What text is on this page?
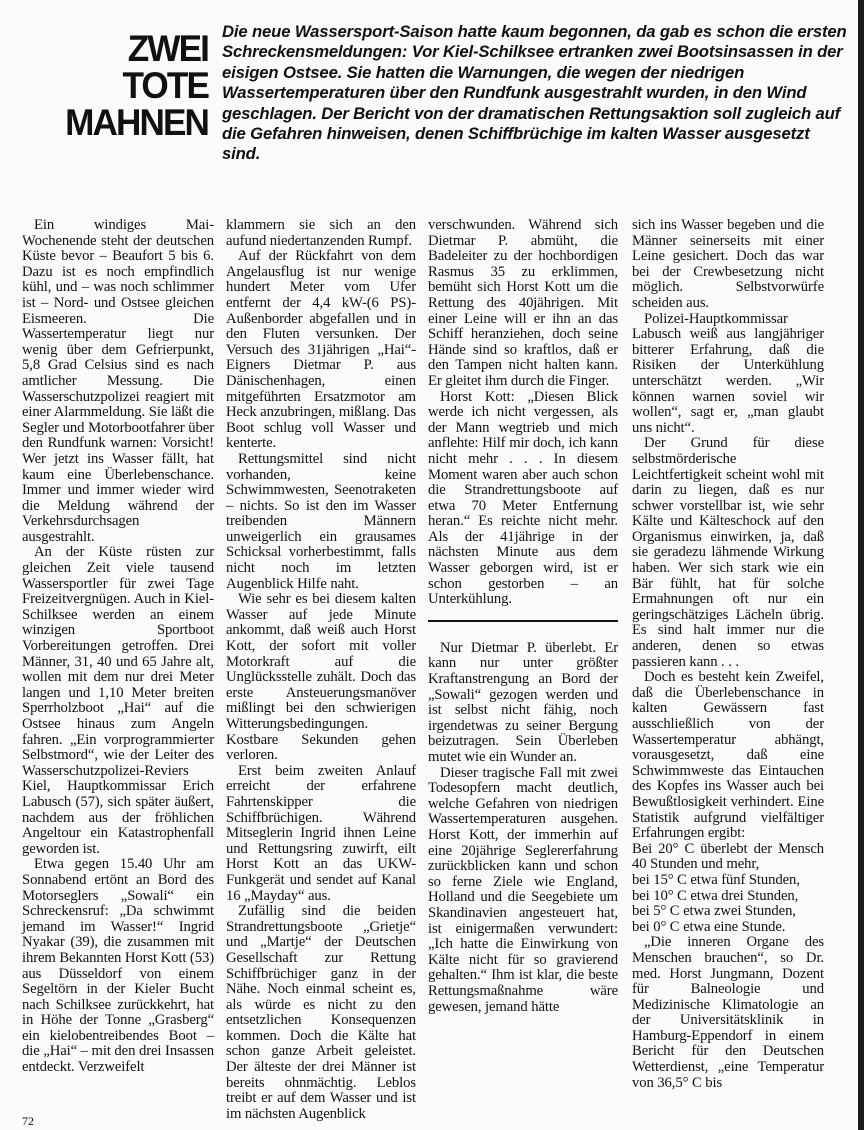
ZWEI
TOTE
MAHNEN

Die neue Wassersport-Saison hatte kaum begonnen, da gab es schon die ersten Schreckensmeldungen: Vor Kiel-Schilksee ertranken zwei Bootsinsassen in der eisigen Ostsee. Sie hatten die Warnungen, die wegen der niedrigen Wassertemperaturen über den Rundfunk ausgestrahlt wurden, in den Wind geschlagen. Der Bericht von der dramatischen Rettungsaktion soll zugleich auf die Gefahren hinweisen, denen Schiffbrüchige im kalten Wasser ausgesetzt sind.

Ein windiges Mai-Wochenende steht der deutschen Küste bevor – Beaufort 5 bis 6. Dazu ist es noch empfindlich kühl, und – was noch schlimmer ist – Nord- und Ostsee gleichen Eismeeren. Die Wassertemperatur liegt nur wenig über dem Gefrierpunkt, 5,8 Grad Celsius sind es nach amtlicher Messung. Die Wasserschutzpolizei reagiert mit einer Alarmmeldung. Sie läßt die Segler und Motorbootfahrer über den Rundfunk warnen: Vorsicht! Wer jetzt ins Wasser fällt, hat kaum eine Überlebenschance. Immer und immer wieder wird die Meldung während der Verkehrsdurchsagen ausgestrahlt.

An der Küste rüsten zur gleichen Zeit viele tausend Wassersportler für zwei Tage Freizeitvergnügen. Auch in Kiel-Schilksee werden an einem winzigen Sportboot Vorbereitungen getroffen. Drei Männer, 31, 40 und 65 Jahre alt, wollen mit dem nur drei Meter langen und 1,10 Meter breiten Sperrholzboot „Hai“ auf die Ostsee hinaus zum Angeln fahren. „Ein vorprogrammierter Selbstmord“, wie der Leiter des Wasserschutzpolizei-Reviers Kiel, Hauptkommissar Erich Labusch (57), sich später äußert, nachdem aus der fröhlichen Angeltour ein Katastrophenfall geworden ist.

Etwa gegen 15.40 Uhr am Sonnabend ertönt an Bord des Motorseglers „Sowali“ ein Schreckensruf: „Da schwimmt jemand im Wasser!“ Ingrid Nyakar (39), die zusammen mit ihrem Bekannten Horst Kott (53) aus Düsseldorf von einem Segeltörn in der Kieler Bucht nach Schilksee zurückkehrt, hat in Höhe der Tonne „Grasberg“ ein kielobentreibendes Boot – die „Hai“ – mit den drei Insassen entdeckt. Verzweifelt

klammern sie sich an den aufund niedertanzenden Rumpf.

Auf der Rückfahrt von dem Angelausflug ist nur wenige hundert Meter vom Ufer entfernt der 4,4 kW-(6 PS)-Außenborder abgefallen und in den Fluten versunken. Der Versuch des 31jährigen „Hai“-Eigners Dietmar P. aus Dänischenhagen, einen mitgeführten Ersatzmotor am Heck anzubringen, mißlang. Das Boot schlug voll Wasser und kenterte.

Rettungsmittel sind nicht vorhanden, keine Schwimmwesten, Seenotraketen – nichts. So ist den im Wasser treibenden Männern unweigerlich ein grausames Schicksal vorherbestimmt, falls nicht noch im letzten Augenblick Hilfe naht.

Wie sehr es bei diesem kalten Wasser auf jede Minute ankommt, daß weiß auch Horst Kott, der sofort mit voller Motorkraft auf die Unglücksstelle zuhält. Doch das erste Ansteuerungsmanöver mißlingt bei den schwierigen Witterungsbedingungen. Kostbare Sekunden gehen verloren.

Erst beim zweiten Anlauf erreicht der erfahrene Fahrtenskipper die Schiffbrüchigen. Während Mitseglerin Ingrid ihnen Leine und Rettungsring zuwirft, eilt Horst Kott an das UKW-Funkgerät und sendet auf Kanal 16 „Mayday“ aus.

Zufällig sind die beiden Strandrettungsboote „Grietje“ und „Martje“ der Deutschen Gesellschaft zur Rettung Schiffbrüchiger ganz in der Nähe. Noch einmal scheint es, als würde es nicht zu den entsetzlichen Konsequenzen kommen. Doch die Kälte hat schon ganze Arbeit geleistet. Der älteste der drei Männer ist bereits ohnmächtig. Leblos treibt er auf dem Wasser und ist im nächsten Augenblick

verschwunden. Während sich Dietmar P. abmüht, die Badeleiter zu der hochbordigen Rasmus 35 zu erklimmen, bemüht sich Horst Kott um die Rettung des 40jährigen. Mit einer Leine will er ihn an das Schiff heranziehen, doch seine Hände sind so kraftlos, daß er den Tampen nicht halten kann. Er gleitet ihm durch die Finger.

Horst Kott: „Diesen Blick werde ich nicht vergessen, als der Mann wegtrieb und mich anflehte: Hilf mir doch, ich kann nicht mehr . . . In diesem Moment waren aber auch schon die Strandrettungsboote auf etwa 70 Meter Entfernung heran.“ Es reichte nicht mehr. Als der 41jährige in der nächsten Minute aus dem Wasser geborgen wird, ist er schon gestorben – an Unterkühlung.

Nur Dietmar P. überlebt. Er kann nur unter größter Kraftanstrengung an Bord der „Sowali“ gezogen werden und ist selbst nicht fähig, noch irgendetwas zu seiner Bergung beizutragen. Sein Überleben mutet wie ein Wunder an.

Dieser tragische Fall mit zwei Todesopfern macht deutlich, welche Gefahren von niedrigen Wassertemperaturen ausgehen. Horst Kott, der immerhin auf eine 20jährige Seglererfahrung zurückblicken kann und schon so ferne Ziele wie England, Holland und die Seegebiete um Skandinavien angesteuert hat, ist einigermaßen verwundert: „Ich hatte die Einwirkung von Kälte nicht für so gravierend gehalten.“ Ihm ist klar, die beste Rettungsmaßnahme wäre gewesen, jemand hätte

sich ins Wasser begeben und die Männer seinerseits mit einer Leine gesichert. Doch das war bei der Crewbesetzung nicht möglich. Selbstvorwürfe scheiden aus.

Polizei-Hauptkommissar Labusch weiß aus langjähriger bitterer Erfahrung, daß die Risiken der Unterkühlung unterschätzt werden. „Wir können warnen soviel wir wollen“, sagt er, „man glaubt uns nicht“.

Der Grund für diese selbstmörderische Leichtfertigkeit scheint wohl mit darin zu liegen, daß es nur schwer vorstellbar ist, wie sehr Kälte und Kälteschock auf den Organismus einwirken, ja, daß sie geradezu lähmende Wirkung haben. Wer sich stark wie ein Bär fühlt, hat für solche Ermahnungen oft nur ein geringschätziges Lächeln übrig. Es sind halt immer nur die anderen, denen so etwas passieren kann . . .

Doch es besteht kein Zweifel, daß die Überlebenschance in kalten Gewässern fast ausschließlich von der Wassertemperatur abhängt, vorausgesetzt, daß eine Schwimmweste das Eintauchen des Kopfes ins Wasser auch bei Bewußtlosigkeit verhindert. Eine Statistik aufgrund vielfältiger Erfahrungen ergibt:

Bei 20° C überlebt der Mensch 40 Stunden und mehr,

bei 15° C etwa fünf Stunden,

bei 10° C etwa drei Stunden,

bei 5° C etwa zwei Stunden,

bei 0° C etwa eine Stunde.

„Die inneren Organe des Menschen brauchen“, so Dr. med. Horst Jungmann, Dozent für Balneologie und Medizinische Klimatologie an der Universitätsklinik in Hamburg-Eppendorf in einem Bericht für den Deutschen Wetterdienst, „eine Temperatur von 36,5° C bis

72
